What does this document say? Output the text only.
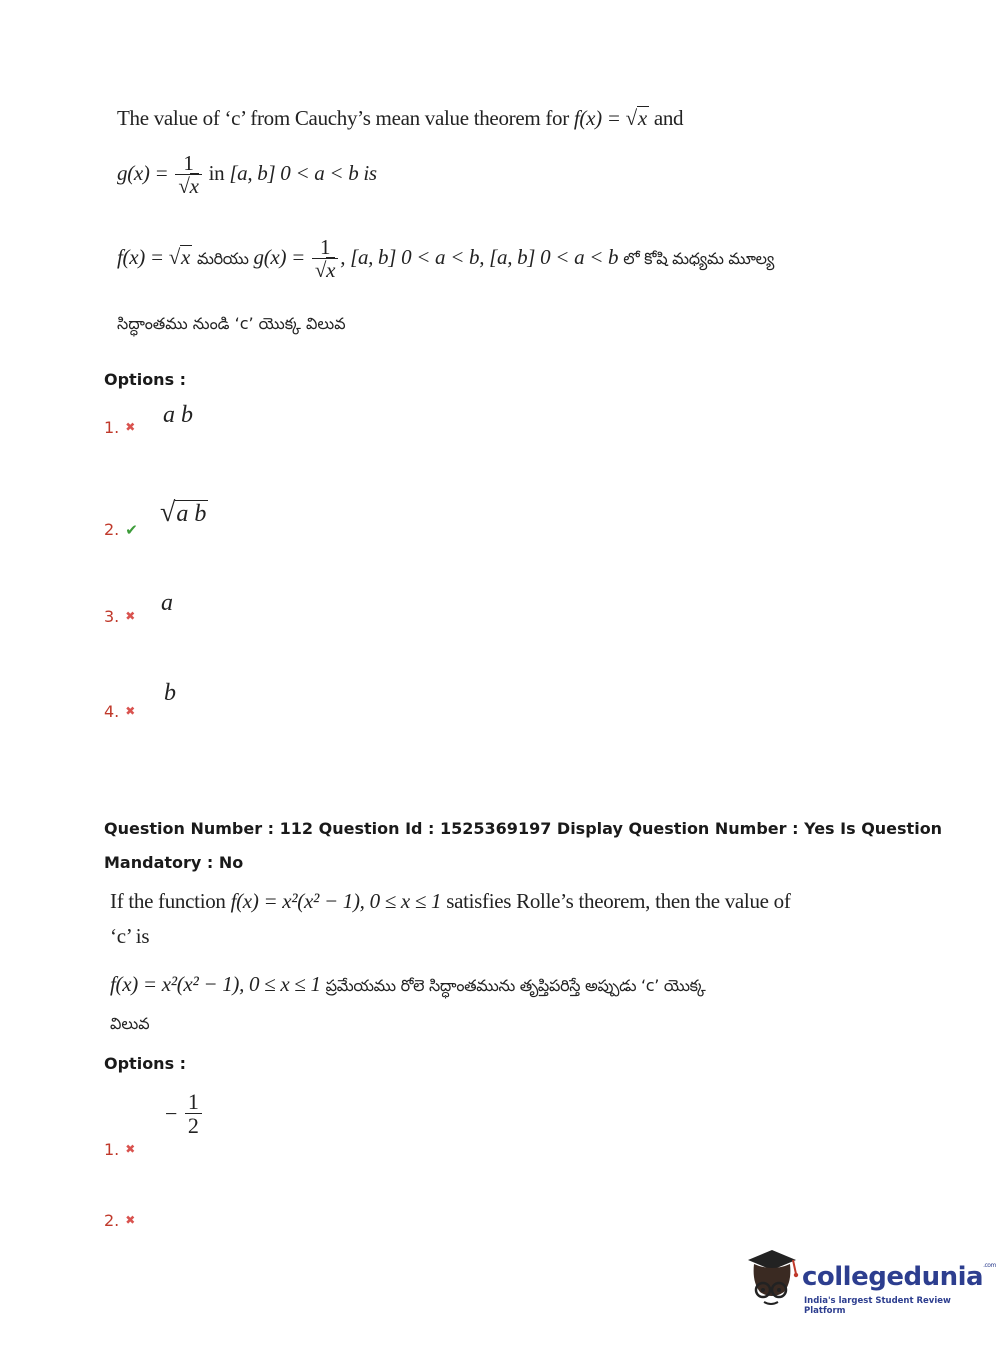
The value of ‘c’ from Cauchy’s mean value theorem for f(x) = √x and
$g(x) = \frac{1}{√x}$ in [a, b] 0 < a < b is
f(x) = √x మరియు $g(x) = \frac{1}{√x}$ , [a, b] 0 < a < b, [a, b] 0 < a < b లో కోషి మధ్యమ మూల్య
సిద్ధాంతము నుండి ‘c’ యొక్క విలువ
Options :
1. ✖ a b
2. ✔
√a b
3. ✖ a
4. ✖
b
Question Number : 112 Question Id : 1525369197 Display Question Number : Yes Is Question
Mandatory : No
If the function f(x) = x²(x² − 1), 0 ≤ x ≤ 1 satisfies Rolle’s theorem, then the value of
‘c’ is
f(x) = x²(x² − 1), 0 ≤ x ≤ 1 ప్రమేయము రోలె సిద్ధాంతమును తృప్తిపరిస్తే అప్పుడు ‘c’ యొక్క
విలువ
Options :
1. ✖
− $\frac{1}{2}$
2. ✖
collegedunia$^{.com}$
India's largest Student Review Platform
